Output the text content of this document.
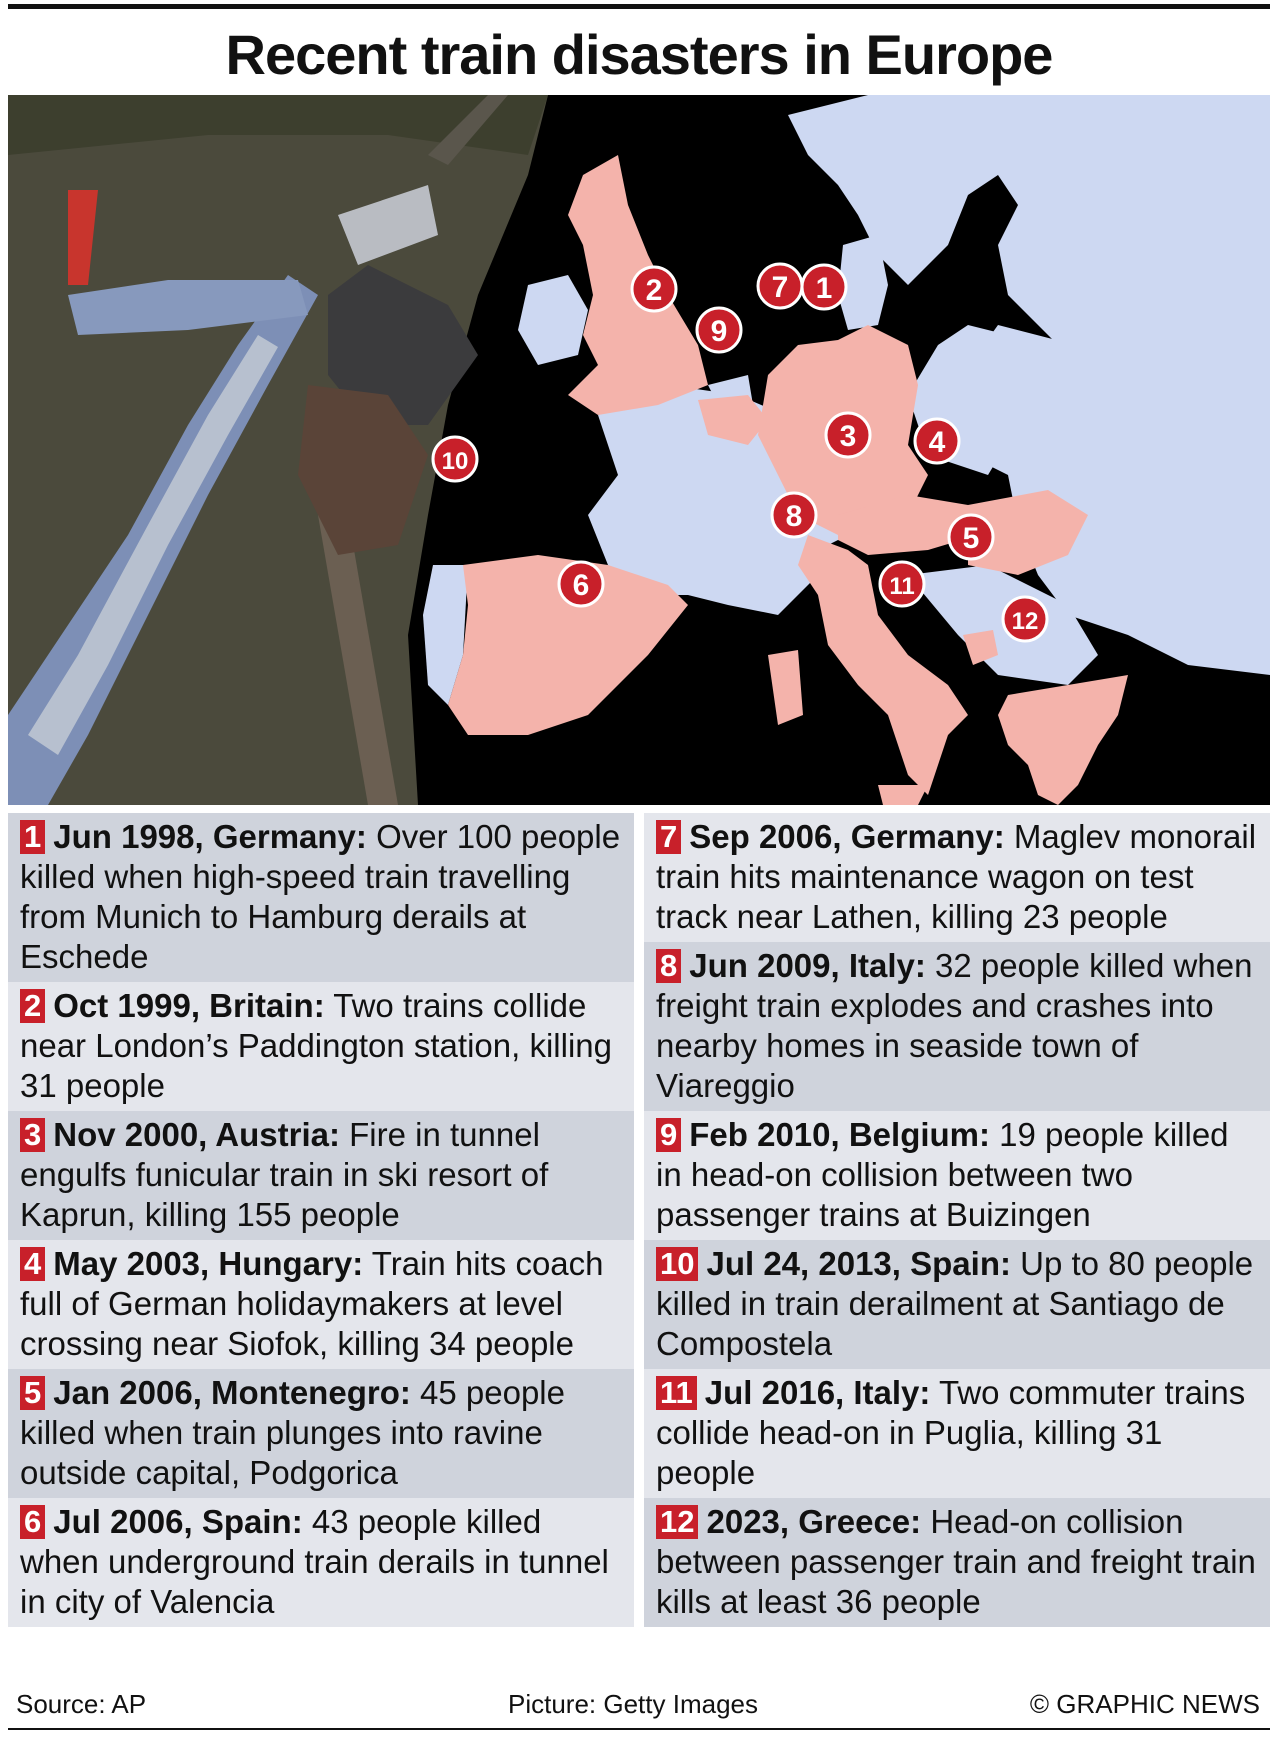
Recent train disasters in Europe
1
2
3 4
5
6
7
8
9
10
11
12
1 Jun 1998, Germany: Over 100 people killed when high-speed train travelling from Munich to Hamburg derails at Eschede
2 Oct 1999, Britain: Two trains collide near London’s Paddington station, killing 31 people
3 Nov 2000, Austria: Fire in tunnel engulfs funicular train in ski resort of Kaprun, killing 155 people
4 May 2003, Hungary: Train hits coach full of German holidaymakers at level crossing near Siofok, killing 34 people
5 Jan 2006, Montenegro: 45 people killed when train plunges into ravine outside capital, Podgorica
6 Jul 2006, Spain: 43 people killed when underground train derails in tunnel in city of Valencia
7 Sep 2006, Germany: Maglev monorail train hits maintenance wagon on test track near Lathen, killing 23 people
8 Jun 2009, Italy: 32 people killed when freight train explodes and crashes into nearby homes in seaside town of Viareggio
9 Feb 2010, Belgium: 19 people killed in head-on collision between two passenger trains at Buizingen
10 Jul 24, 2013, Spain: Up to 80 people killed in train derailment at Santiago de Compostela
11 Jul 2016, Italy: Two commuter trains collide head-on in Puglia, killing 31 people
12 2023, Greece: Head-on collision between passenger train and freight train kills at least 36 people
Source: AP	Picture: Getty Images	© GRAPHIC NEWS
